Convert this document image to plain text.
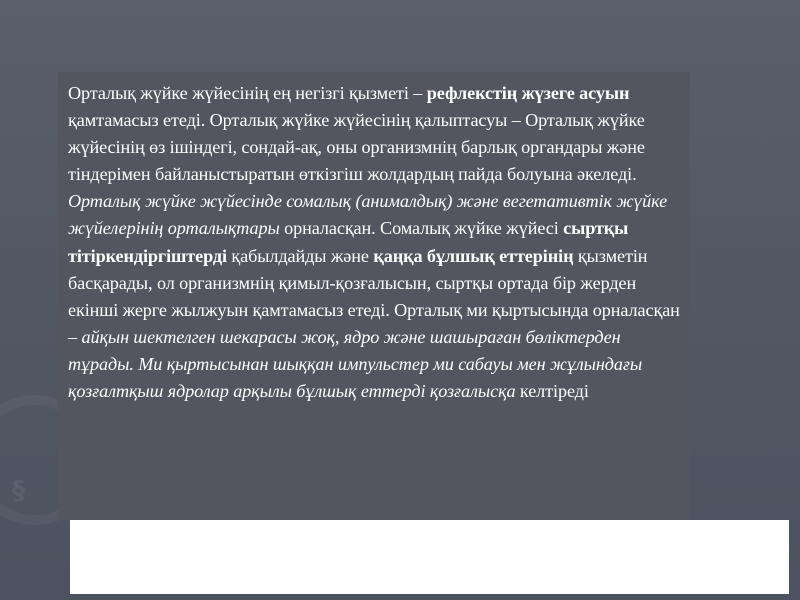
§

Орталық жүйке жүйесінің ең негізгі қызметі – рефлекстің жүзеге асуын қамтамасыз етеді. Орталық жүйке жүйесінің қалыптасуы – Орталық жүйке жүйесінің өз ішіндегі, сондай-ақ, оны организмнің барлық органдары және тіндерімен байланыстыратын өткізгіш жолдардың пайда болуына әкеледі. Орталық жүйке жүйесінде сомалық (анималдық) және вегетативтік жүйке жүйелерінің орталықтары орналасқан. Сомалық жүйке жүйесі сыртқы тітіркендіргіштерді қабылдайды және қаңқа бұлшық еттерінің қызметін басқарады, ол организмнің қимыл-қозғалысын, сыртқы ортада бір жерден екінші жерге жылжуын қамтамасыз етеді. Орталық ми қыртысында орналасқан – айқын шектелген шекарасы жоқ, ядро және шашыраған бөліктерден тұрады. Ми қыртысынан шыққан импульстер ми сабауы мен жұлындағы қозғалтқыш ядролар арқылы бұлшық еттерді қозғалысқа келтіреді
